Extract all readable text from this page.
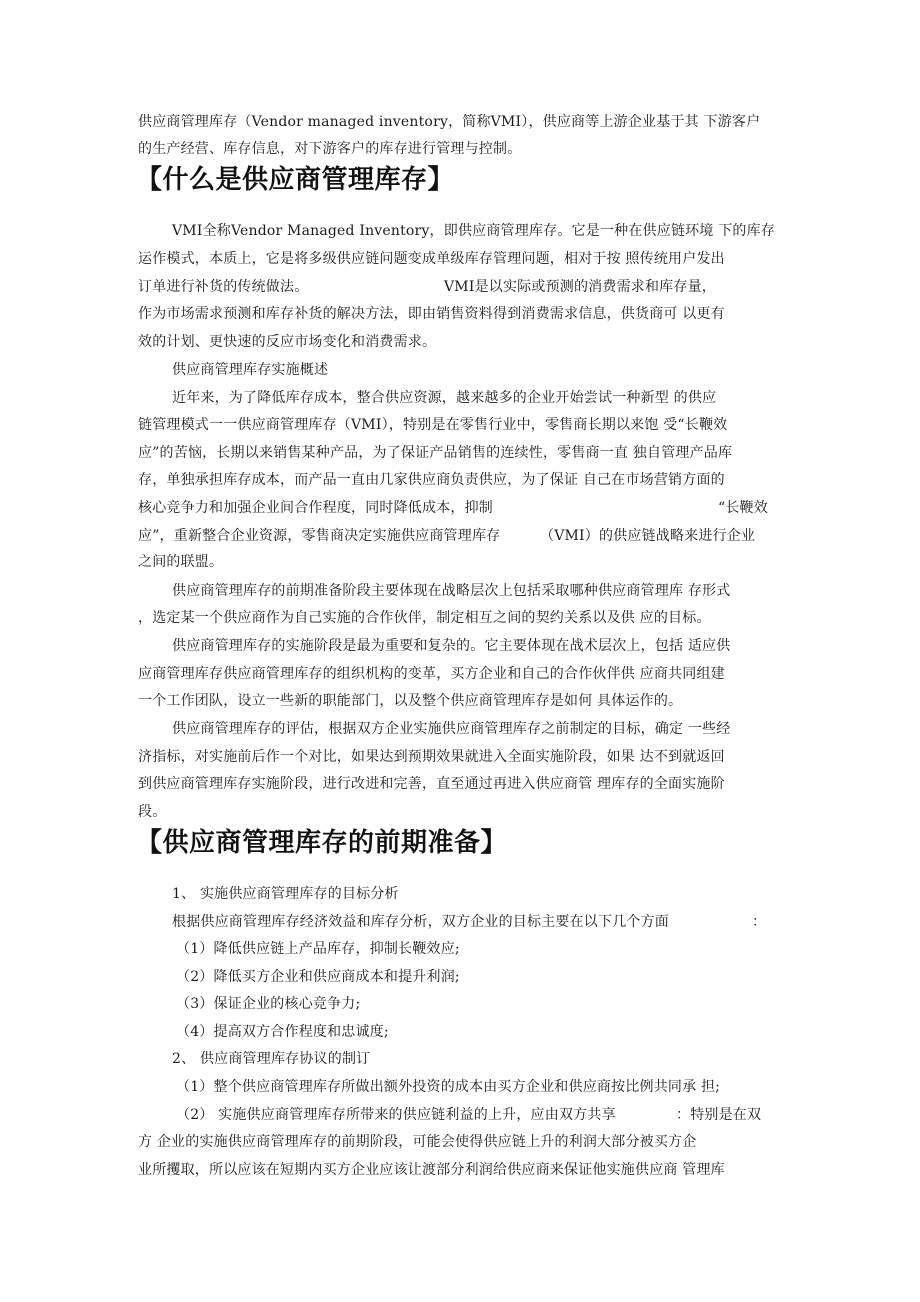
供应商管理库存（Vendor managed inventory，简称VMI），供应商等上游企业基于其 下游客户

的生产经营、库存信息，对下游客户的库存进行管理与控制。

【什么是供应商管理库存】

VMI全称Vendor Managed Inventory，即供应商管理库存。它是一种在供应链环境 下的库存

运作模式，本质上，它是将多级供应链问题变成单级库存管理问题，相对于按 照传统用户发出

订单进行补货的传统做法。	VMI是以实际或预测的消费需求和库存量，

作为市场需求预测和库存补货的解决方法，即由销售资料得到消费需求信息，供货商可 以更有

效的计划、更快速的反应市场变化和消费需求。

供应商管理库存实施概述

近年来，为了降低库存成本，整合供应资源，越来越多的企业开始尝试一种新型 的供应

链管理模式一一供应商管理库存（VMI），特别是在零售行业中，零售商长期以来饱 受“长鞭效

应”的苦恼，长期以来销售某种产品，为了保证产品销售的连续性，零售商一直 独自管理产品库

存，单独承担库存成本，而产品一直由几家供应商负责供应，为了保证 自己在市场营销方面的

核心竞争力和加强企业间合作程度，同时降低成本，抑制	“长鞭效

应”，重新整合企业资源，零售商决定实施供应商管理库存	（VMI）的供应链战略来进行企业

之间的联盟。

供应商管理库存的前期准备阶段主要体现在战略层次上包括采取哪种供应商管理库 存形式

，选定某一个供应商作为自己实施的合作伙伴，制定相互之间的契约关系以及供 应的目标。

供应商管理库存的实施阶段是最为重要和复杂的。它主要体现在战术层次上，包括 适应供

应商管理库存供应商管理库存的组织机构的变革，买方企业和自己的合作伙伴供 应商共同组建

一个工作团队，设立一些新的职能部门，以及整个供应商管理库存是如何 具体运作的。

供应商管理库存的评估，根据双方企业实施供应商管理库存之前制定的目标，确定 一些经

济指标，对实施前后作一个对比，如果达到预期效果就进入全面实施阶段，如果 达不到就返回

到供应商管理库存实施阶段，进行改进和完善，直至通过再进入供应商管 理库存的全面实施阶

段。

【供应商管理库存的前期准备】

1、 实施供应商管理库存的目标分析

根据供应商管理库存经济效益和库存分析，双方企业的目标主要在以下几个方面	：

（1）降低供应链上产品库存，抑制长鞭效应;

（2）降低买方企业和供应商成本和提升利润;

（3）保证企业的核心竞争力;

（4）提高双方合作程度和忠诚度;

2、 供应商管理库存协议的制订

（1）整个供应商管理库存所做出额外投资的成本由买方企业和供应商按比例共同承 担;

（2） 实施供应商管理库存所带来的供应链利益的上升，应由双方共享	：特别是在双

方 企业的实施供应商管理库存的前期阶段，可能会使得供应链上升的利润大部分被买方企

业所攫取，所以应该在短期内买方企业应该让渡部分利润给供应商来保证他实施供应商 管理库
